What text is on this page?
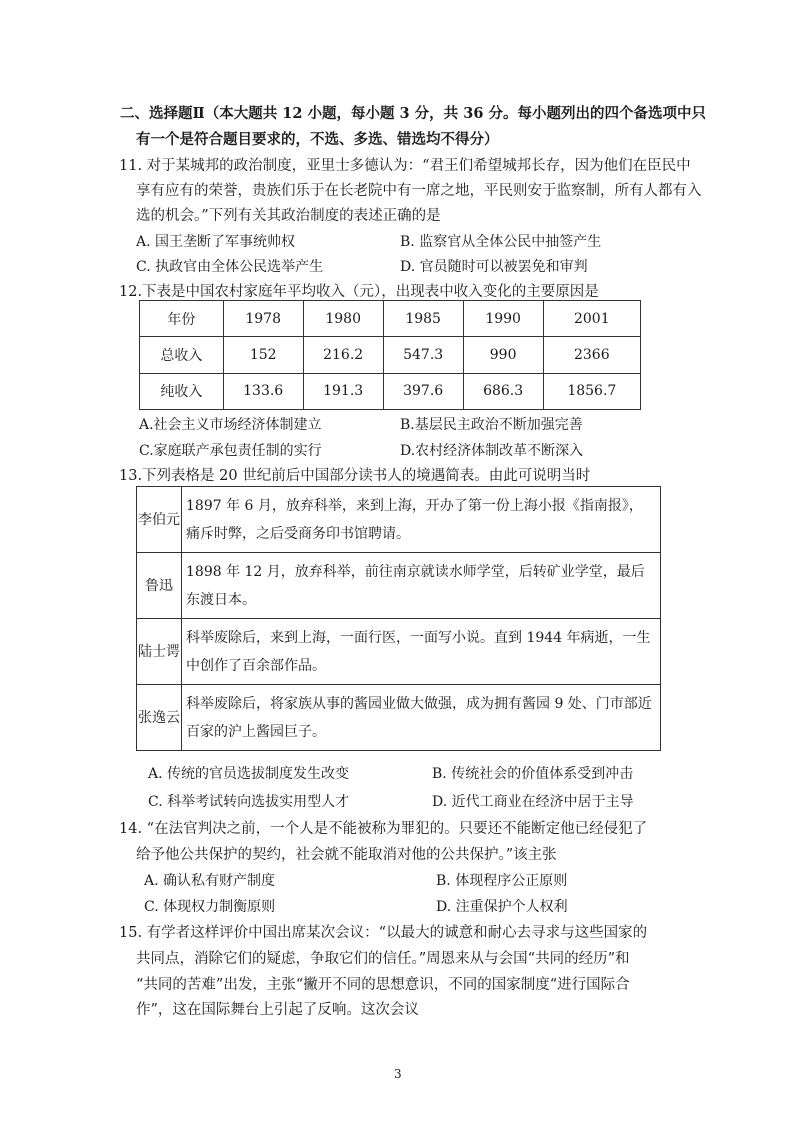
二、选择题Ⅱ（本大题共 12 小题，每小题 3 分，共 36 分。每小题列出的四个备选项中只
有一个是符合题目要求的，不选、多选、错选均不得分）
11. 对于某城邦的政治制度，亚里士多德认为：“君王们希望城邦长存，因为他们在臣民中
享有应有的荣誉，贵族们乐于在长老院中有一席之地，平民则安于监察制，所有人都有入
选的机会。”下列有关其政治制度的表述正确的是
A. 国王垄断了军事统帅权	B. 监察官从全体公民中抽签产生
C. 执政官由全体公民选举产生	D. 官员随时可以被罢免和审判
12.下表是中国农村家庭年平均收入（元），出现表中收入变化的主要原因是
年份	1978	1980	1985	1990	2001
总收入	152	216.2	547.3	990	2366
纯收入	133.6	191.3	397.6	686.3	1856.7
A.社会主义市场经济体制建立	B.基层民主政治不断加强完善
C.家庭联产承包责任制的实行	D.农村经济体制改革不断深入
13.下列表格是 20 世纪前后中国部分读书人的境遇简表。由此可说明当时
李伯元	1897 年 6 月，放弃科举，来到上海，开办了第一份上海小报《指南报》，痛斥时弊，之后受商务印书馆聘请。
鲁迅	1898 年 12 月，放弃科举，前往南京就读水师学堂，后转矿业学堂，最后东渡日本。
陆士谔	科举废除后，来到上海，一面行医，一面写小说。直到 1944 年病逝，一生中创作了百余部作品。
张逸云	科举废除后，将家族从事的酱园业做大做强，成为拥有酱园 9 处、门市部近百家的沪上酱园巨子。
A. 传统的官员选拔制度发生改变	B. 传统社会的价值体系受到冲击
C. 科举考试转向选拔实用型人才	D. 近代工商业在经济中居于主导
14. “在法官判决之前，一个人是不能被称为罪犯的。只要还不能断定他已经侵犯了
给予他公共保护的契约，社会就不能取消对他的公共保护。”该主张
A. 确认私有财产制度	B. 体现程序公正原则
C. 体现权力制衡原则	D. 注重保护个人权利
15. 有学者这样评价中国出席某次会议：“以最大的诚意和耐心去寻求与这些国家的
共同点，消除它们的疑虑，争取它们的信任。”周恩来从与会国“共同的经历”和
“共同的苦难”出发，主张“撇开不同的思想意识，不同的国家制度“进行国际合
作”，这在国际舞台上引起了反响。这次会议
3
